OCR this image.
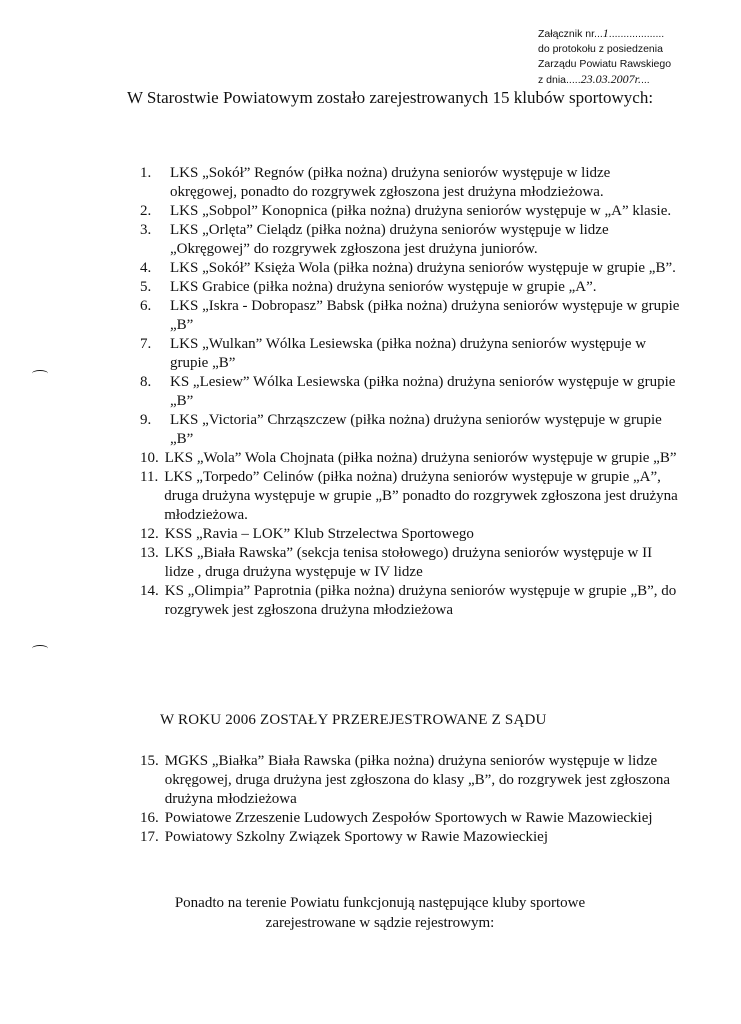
Załącznik nr...1...................
do protokołu z posiedzenia
Zarządu Powiatu Rawskiego
z dnia.....23.03.2007r....
W Starostwie Powiatowym zostało zarejestrowanych 15 klubów sportowych:
1.	LKS „Sokół” Regnów (piłka nożna) drużyna seniorów występuje w lidze okręgowej, ponadto do rozgrywek zgłoszona jest drużyna młodzieżowa.
2.	LKS „Sobpol” Konopnica (piłka nożna) drużyna seniorów występuje w „A” klasie.
3.	LKS „Orlęta” Cielądz (piłka nożna) drużyna seniorów występuje w lidze „Okręgowej” do rozgrywek zgłoszona jest drużyna juniorów.
4.	LKS „Sokół” Księża Wola (piłka nożna) drużyna seniorów występuje w grupie „B”.
5.	LKS Grabice (piłka nożna) drużyna seniorów występuje w grupie „A”.
6.	LKS „Iskra - Dobropasz” Babsk (piłka nożna) drużyna seniorów występuje w grupie „B”
7.	LKS „Wulkan” Wólka Lesiewska (piłka nożna) drużyna seniorów występuje w grupie „B”
8.	KS „Lesiew” Wólka Lesiewska (piłka nożna) drużyna seniorów występuje w grupie „B”
9.	LKS „Victoria” Chrząszczew (piłka nożna) drużyna seniorów występuje w grupie „B”
10. LKS „Wola” Wola Chojnata (piłka nożna) drużyna seniorów występuje w grupie „B”
11. LKS „Torpedo” Celinów (piłka nożna) drużyna seniorów występuje w grupie „A”, druga drużyna występuje w grupie „B” ponadto do rozgrywek zgłoszona jest drużyna młodzieżowa.
12. KSS „Ravia – LOK” Klub Strzelectwa Sportowego
13. LKS „Biała Rawska” (sekcja tenisa stołowego) drużyna seniorów występuje w II lidze , druga drużyna występuje w IV lidze
14. KS „Olimpia” Paprotnia (piłka nożna) drużyna seniorów występuje w grupie „B”, do rozgrywek jest zgłoszona drużyna młodzieżowa
W ROKU 2006 ZOSTAŁY PRZEREJESTROWANE Z SĄDU
15. MGKS „Białka” Biała Rawska (piłka nożna) drużyna seniorów występuje w lidze okręgowej, druga drużyna jest zgłoszona do klasy „B”, do rozgrywek jest zgłoszona drużyna młodzieżowa
16. Powiatowe Zrzeszenie Ludowych Zespołów Sportowych w Rawie Mazowieckiej
17. Powiatowy Szkolny Związek Sportowy w Rawie Mazowieckiej
Ponadto na terenie Powiatu funkcjonują następujące kluby sportowe zarejestrowane w sądzie rejestrowym:
